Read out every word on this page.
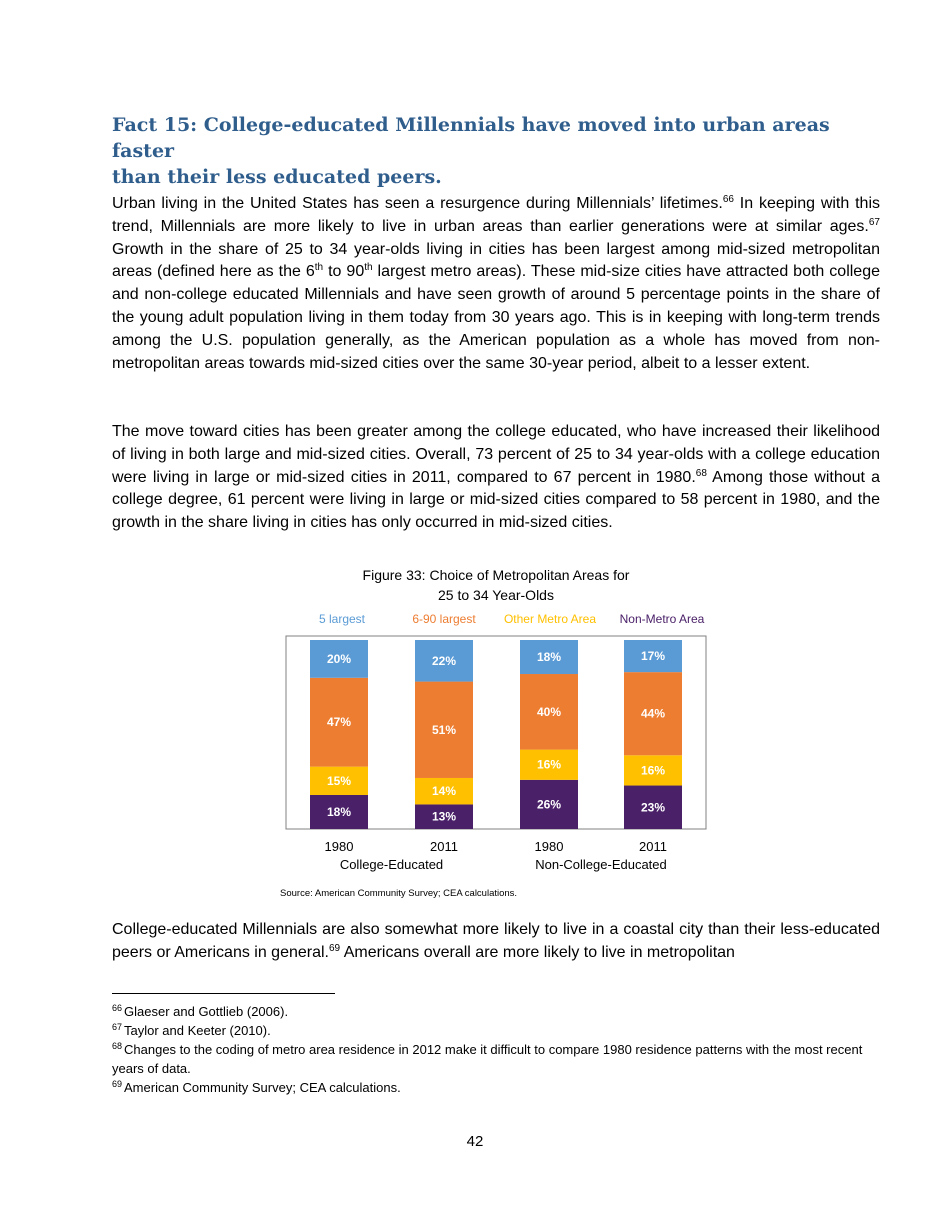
Fact 15: College-educated Millennials have moved into urban areas faster
than their less educated peers.

Urban living in the United States has seen a resurgence during Millennials’ lifetimes.$^{66}$ In keeping with this trend, Millennials are more likely to live in urban areas than earlier generations were at similar ages.$^{67}$ Growth in the share of 25 to 34 year-olds living in cities has been largest among mid-sized metropolitan areas (defined here as the 6th to 90th largest metro areas). These mid-size cities have attracted both college and non-college educated Millennials and have seen growth of around 5 percentage points in the share of the young adult population living in them today from 30 years ago. This is in keeping with long-term trends among the U.S. population generally, as the American population as a whole has moved from non-metropolitan areas towards mid-sized cities over the same 30-year period, albeit to a lesser extent.

The move toward cities has been greater among the college educated, who have increased their likelihood of living in both large and mid-sized cities. Overall, 73 percent of 25 to 34 year-olds with a college education were living in large or mid-sized cities in 2011, compared to 67 percent in 1980.68 Among those without a college degree, 61 percent were living in large or mid-sized cities compared to 58 percent in 1980, and the growth in the share living in cities has only occurred in mid-sized cities.

Figure 33: Choice of Metropolitan Areas for
25 to 34 Year-Olds
5 largest	6-90 largest Other Metro Area Non-Metro Area
18%
15%
47%
20%
1980
13%
14%
51%
22%
2011
26%
16%
40%
18%
1980
23%
16%
44%
17%
2011
College-Educated	Non-College-Educated
Source: American Community Survey; CEA calculations.

College-educated Millennials are also somewhat more likely to live in a coastal city than their less-educated peers or Americans in general.$^{69}$ Americans overall are more likely to live in metropolitan

$^{66}$ Glaeser and Gottlieb (2006).
$^{67}$ Taylor and Keeter (2010).
$^{68}$ Changes to the coding of metro area residence in 2012 make it difficult to compare 1980 residence patterns with the most recent years of data.
$^{69}$ American Community Survey; CEA calculations.
42
